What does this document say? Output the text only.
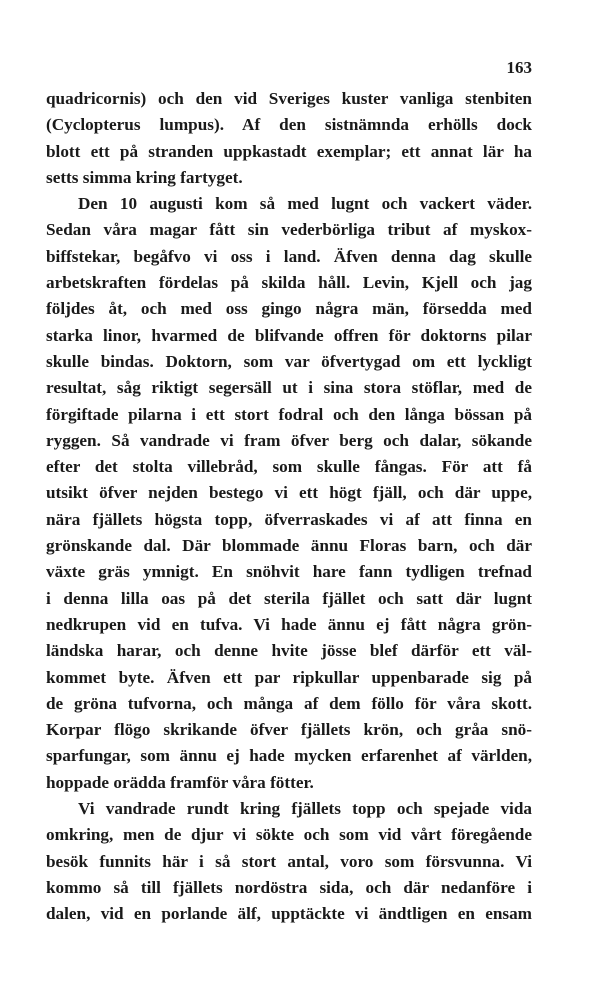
163
quadricornis) och den vid Sveriges kuster vanliga stenbiten
(Cyclopterus lumpus). Af den sistnämnda erhölls dock
blott ett på stranden uppkastadt exemplar; ett annat lär ha
setts simma kring fartyget.
Den 10 augusti kom så med lugnt och vackert väder.
Sedan våra magar fått sin vederbörliga tribut af myskox-
biffstekar, begåfvo vi oss i land. Äfven denna dag skulle
arbetskraften fördelas på skilda håll. Levin, Kjell och jag
följdes åt, och med oss gingo några män, försedda med
starka linor, hvarmed de blifvande offren för doktorns pilar
skulle bindas. Doktorn, som var öfvertygad om ett lyckligt
resultat, såg riktigt segersäll ut i sina stora stöflar, med de
förgiftade pilarna i ett stort fodral och den långa bössan på
ryggen. Så vandrade vi fram öfver berg och dalar, sökande
efter det stolta villebråd, som skulle fångas. För att få
utsikt öfver nejden bestego vi ett högt fjäll, och där uppe,
nära fjällets högsta topp, öfverraskades vi af att finna en
grönskande dal. Där blommade ännu Floras barn, och där
växte gräs ymnigt. En snöhvit hare fann tydligen trefnad
i denna lilla oas på det sterila fjället och satt där lugnt
nedkrupen vid en tufva. Vi hade ännu ej fått några grön-
ländska harar, och denne hvite jösse blef därför ett väl-
kommet byte. Äfven ett par ripkullar uppenbarade sig på
de gröna tufvorna, och många af dem föllo för våra skott.
Korpar flögo skrikande öfver fjällets krön, och gråa snö-
sparfungar, som ännu ej hade mycken erfarenhet af världen,
hoppade orädda framför våra fötter.
Vi vandrade rundt kring fjällets topp och spejade vida
omkring, men de djur vi sökte och som vid vårt föregående
besök funnits här i så stort antal, voro som försvunna. Vi
kommo så till fjällets nordöstra sida, och där nedanföre i
dalen, vid en porlande älf, upptäckte vi ändtligen en ensam
